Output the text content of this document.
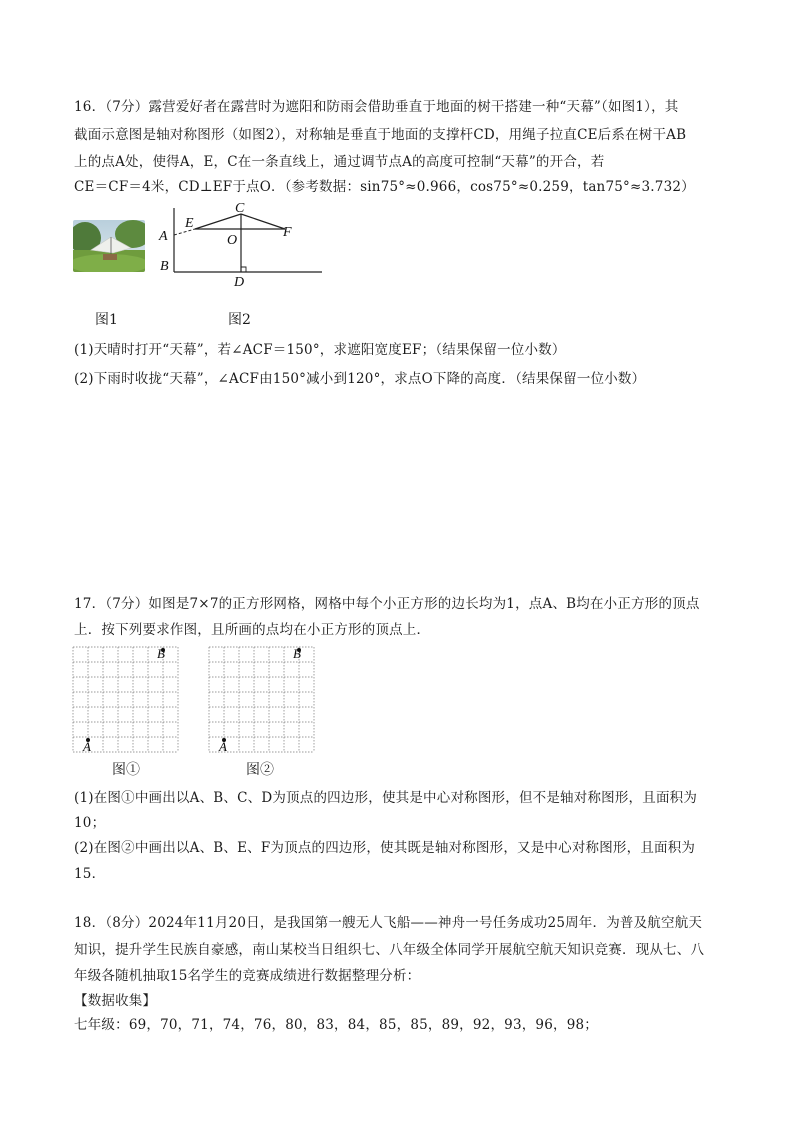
16．（7分）露营爱好者在露营时为遮阳和防雨会借助垂直于地面的树干搭建一种“天幕”（如图1），其
截面示意图是轴对称图形（如图2），对称轴是垂直于地面的支撑杆CD，用绳子拉直CE后系在树干AB
上的点A处，使得A，E，C在一条直线上，通过调节点A的高度可控制“天幕”的开合，若
CE＝CF＝4米，CD⊥EF于点O．（参考数据：sin75°≈0.966，cos75°≈0.259，tan75°≈3.732）
E
C
A	O
F
B
D
图1	图2
(1)天晴时打开“天幕”，若∠ACF＝150°，求遮阳宽度EF；（结果保留一位小数）
(2)下雨时收拢“天幕”，∠ACF由150°减小到120°，求点O下降的高度．（结果保留一位小数）
17．（7分）如图是7×7的正方形网格，网格中每个小正方形的边长均为1，点A、B均在小正方形的顶点
上．按下列要求作图，且所画的点均在小正方形的顶点上．
A
B
A
B
图①	图②
(1)在图①中画出以A、B、C、D为顶点的四边形，使其是中心对称图形，但不是轴对称图形，且面积为
10；
(2)在图②中画出以A、B、E、F为顶点的四边形，使其既是轴对称图形，又是中心对称图形，且面积为
15．
18．（8分）2024年11月20日，是我国第一艘无人飞船——神舟一号任务成功25周年．为普及航空航天
知识，提升学生民族自豪感，南山某校当日组织七、八年级全体同学开展航空航天知识竞赛．现从七、八
年级各随机抽取15名学生的竞赛成绩进行数据整理分析：
【数据收集】
七年级：69，70，71，74，76，80，83，84，85，85，89，92，93，96，98；
